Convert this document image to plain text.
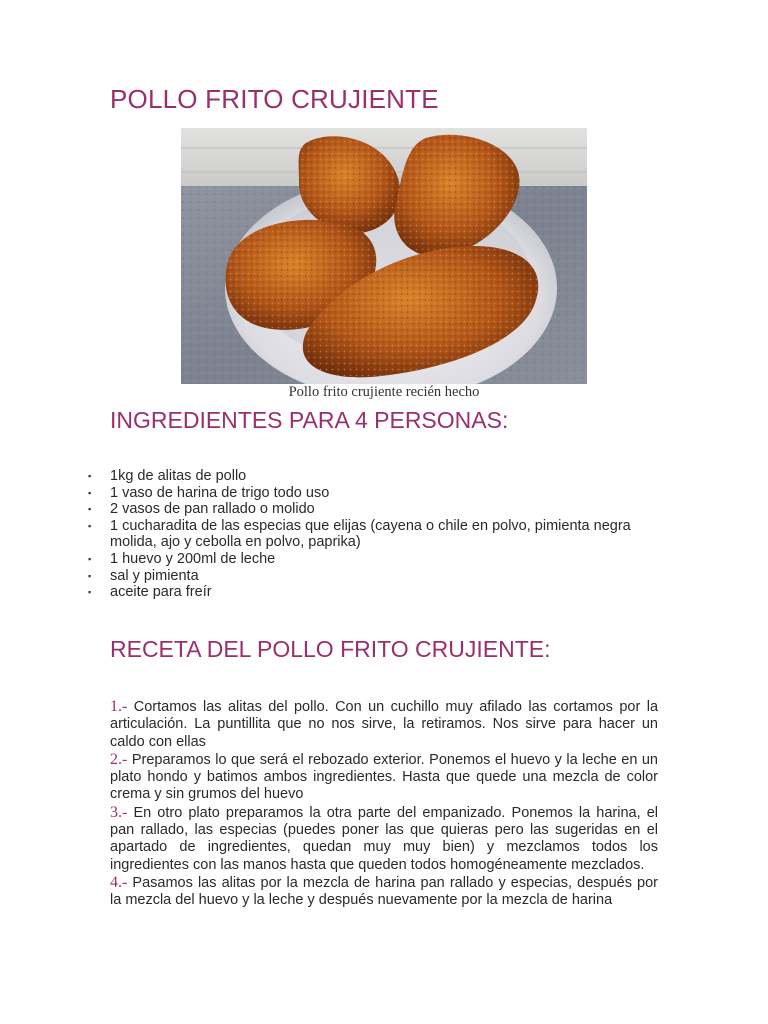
POLLO FRITO CRUJIENTE
Pollo frito crujiente recién hecho
INGREDIENTES PARA 4 PERSONAS:
▪ 1kg de alitas de pollo
▪ 1 vaso de harina de trigo todo uso
▪ 2 vasos de pan rallado o molido
▪ 1 cucharadita de las especias que elijas (cayena o chile en polvo, pimienta negra molida, ajo y cebolla en polvo, paprika)
▪ 1 huevo y 200ml de leche
▪ sal y pimienta
▪ aceite para freír
RECETA DEL POLLO FRITO CRUJIENTE:

1.- Cortamos las alitas del pollo. Con un cuchillo muy afilado las cortamos por la articulación. La puntillita que no nos sirve, la retiramos. Nos sirve para hacer un caldo con ellas

2.- Preparamos lo que será el rebozado exterior. Ponemos el huevo y la leche en un plato hondo y batimos ambos ingredientes. Hasta que quede una mezcla de color crema y sin grumos del huevo

3.- En otro plato preparamos la otra parte del empanizado. Ponemos la harina, el pan rallado, las especias (puedes poner las que quieras pero las sugeridas en el apartado de ingredientes, quedan muy muy bien) y mezclamos todos los ingredientes con las manos hasta que queden todos homogéneamente mezclados.

4.- Pasamos las alitas por la mezcla de harina pan rallado y especias, después por la mezcla del huevo y la leche y después nuevamente por la mezcla de harina
